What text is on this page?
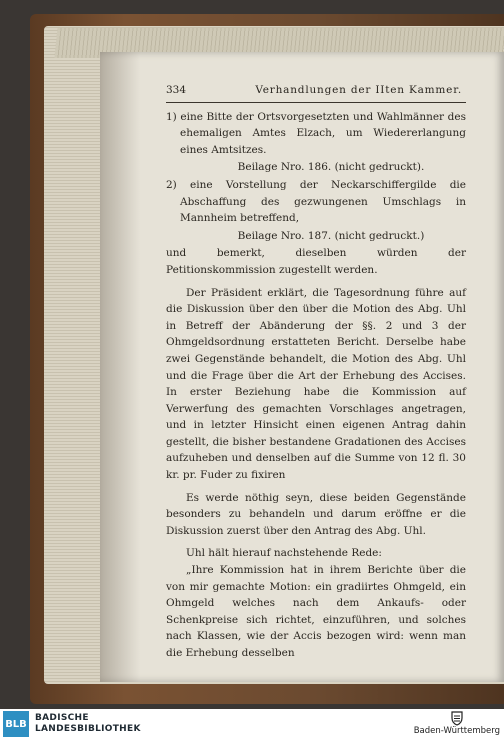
334	Verhandlungen der IIten Kammer.

1) eine Bitte der Ortsvorgesetzten und Wahlmänner des ehemaligen Amtes Elzach, um Wiedererlangung eines Amtsitzes.

Beilage Nro. 186. (nicht gedruckt).

2) eine Vorstellung der Neckarschiffergilde die Abschaffung des gezwungenen Umschlags in Mannheim betreffend,

Beilage Nro. 187. (nicht gedruckt.)

und bemerkt, dieselben würden der Petitionskommission zugestellt werden.

Der Präsident erklärt, die Tagesordnung führe auf die Diskussion über den über die Motion des Abg. Uhl in Betreff der Abänderung der §§. 2 und 3 der Ohmgeldsordnung erstatteten Bericht. Derselbe habe zwei Gegenstände behandelt, die Motion des Abg. Uhl und die Frage über die Art der Erhebung des Accises. In erster Beziehung habe die Kommission auf Verwerfung des gemachten Vorschlages angetragen, und in letzter Hinsicht einen eigenen Antrag dahin gestellt, die bisher bestandene Gradationen des Accises aufzuheben und denselben auf die Summe von 12 fl. 30 kr. pr. Fuder zu fixiren

Es werde nöthig seyn, diese beiden Gegenstände besonders zu behandeln und darum eröffne er die Diskussion zuerst über den Antrag des Abg. Uhl.

Uhl hält hierauf nachstehende Rede:

„Ihre Kommission hat in ihrem Berichte über die von mir gemachte Motion: ein gradiirtes Ohmgeld, ein Ohmgeld welches nach dem Ankaufs- oder Schenkpreise sich richtet, einzuführen, und solches nach Klassen, wie der Accis bezogen wird: wenn man die Erhebung desselben

BLB
BADISCHE
LANDESBIBLIOTHEK	Baden-Württemberg
